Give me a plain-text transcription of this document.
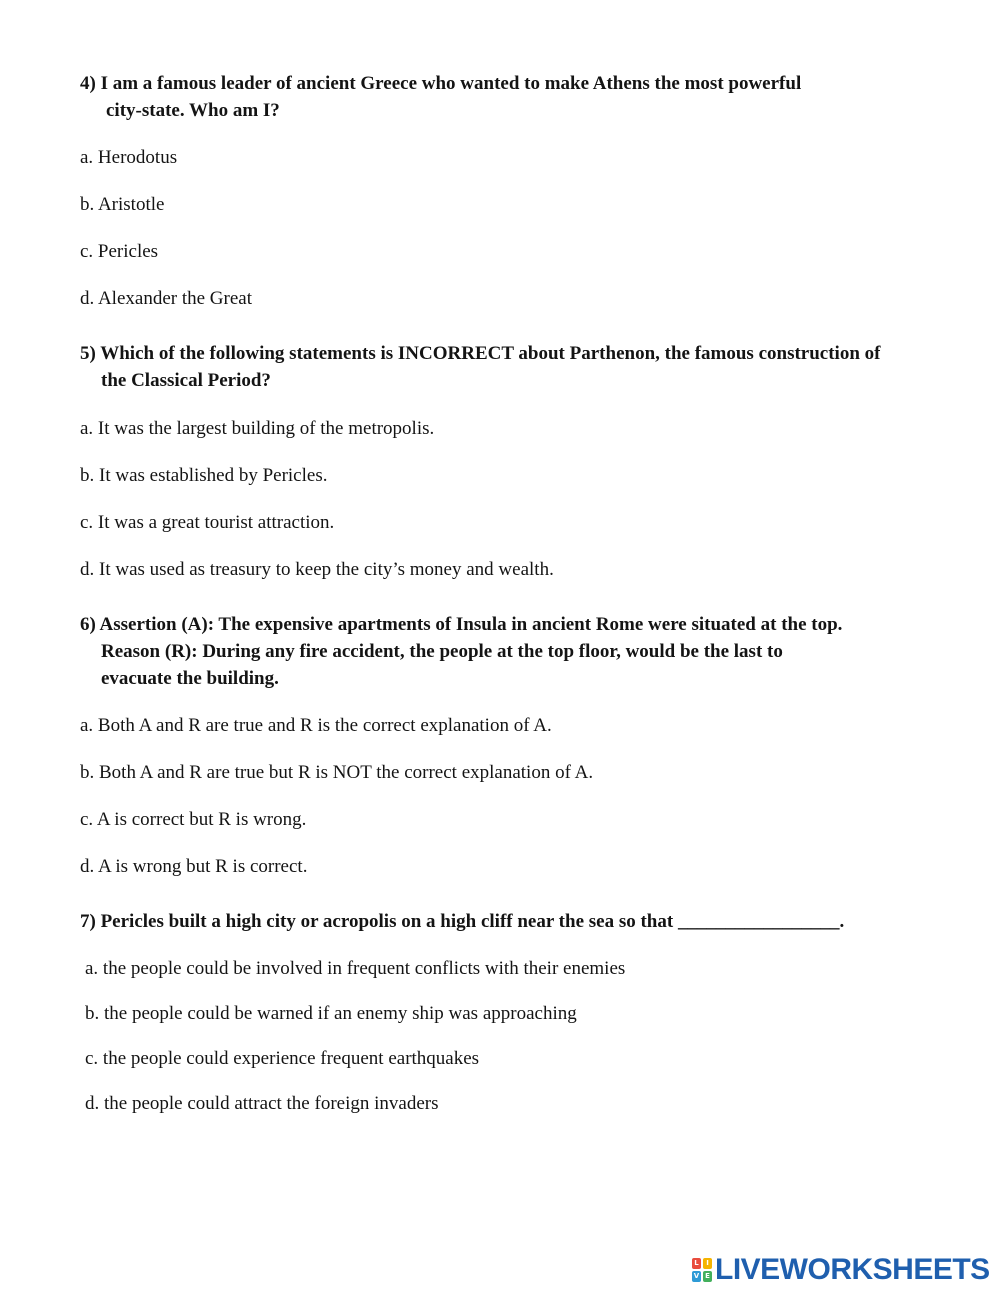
4) I am a famous leader of ancient Greece who wanted to make Athens the most powerful
city-state. Who am I?
a. Herodotus
b. Aristotle
c. Pericles
d. Alexander the Great
5) Which of the following statements is INCORRECT about Parthenon, the famous construction of
the Classical Period?
a. It was the largest building of the metropolis.
b. It was established by Pericles.
c. It was a great tourist attraction.
d. It was used as treasury to keep the city’s money and wealth.
6) Assertion (A): The expensive apartments of Insula in ancient Rome were situated at the top.
Reason (R): During any fire accident, the people at the top floor, would be the last to
evacuate the building.
a. Both A and R are true and R is the correct explanation of A.
b. Both A and R are true but R is NOT the correct explanation of A.
c. A is correct but R is wrong.
d. A is wrong but R is correct.
7) Pericles built a high city or acropolis on a high cliff near the sea so that _________________.
a. the people could be involved in frequent conflicts with their enemies
b. the people could be warned if an enemy ship was approaching
c. the people could experience frequent earthquakes
d. the people could attract the foreign invaders
L	I
V E LIVEWORKSHEETS
